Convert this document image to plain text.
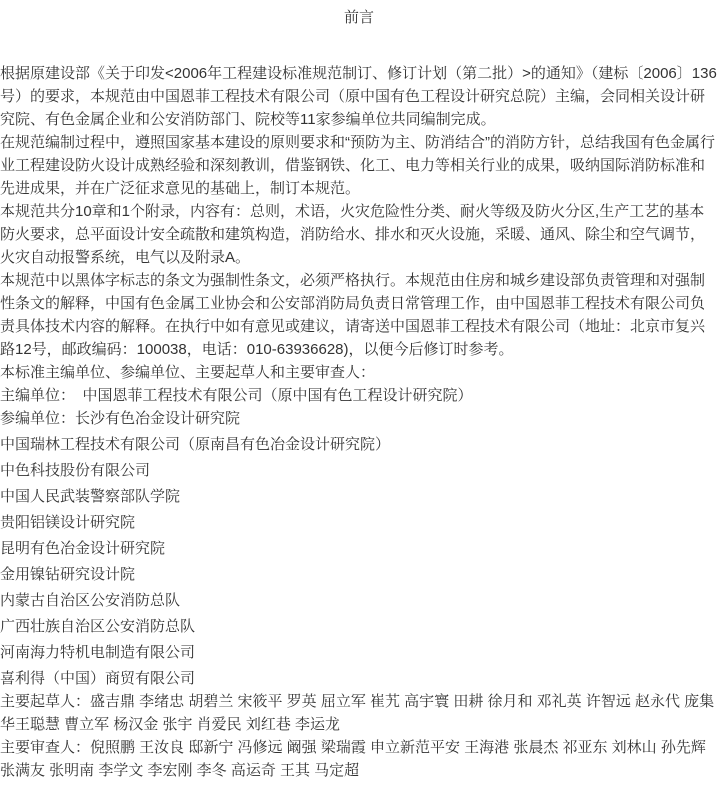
前言

根据原建设部《关于印发<2006年工程建设标准规范制订、修订计划（第二批）>的通知》（建标〔2006〕136号）的要求，本规范由中国恩菲工程技术有限公司（原中国有色工程设计研究总院）主编，会同相关设计研究院、有色金属企业和公安消防部门、院校等11家参编单位共同编制完成。

在规范编制过程中，遵照国家基本建设的原则要求和“预防为主、防消结合”的消防方针，总结我国有色金属行业工程建设防火设计成熟经验和深刻教训，借鉴钢铁、化工、电力等相关行业的成果，吸纳国际消防标准和先进成果，并在广泛征求意见的基础上，制订本规范。

本规范共分10章和1个附录，内容有：总则，术语，火灾危险性分类、耐火等级及防火分区,生产工艺的基本防火要求，总平面设计安全疏散和建筑构造，消防给水、排水和灭火设施，采暖、通风、除尘和空气调节，火灾自动报警系统，电气以及附录A。

本规范中以黑体字标志的条文为强制性条文，必须严格执行。本规范由住房和城乡建设部负责管理和对强制性条文的解释，中国有色金属工业协会和公安部消防局负责日常管理工作，由中国恩菲工程技术有限公司负责具体技术内容的解释。在执行中如有意见或建议，请寄送中国恩菲工程技术有限公司（地址：北京市复兴路12号，邮政编码：100038，电话：010-63936628)，以便今后修订时参考。

本标准主编单位、参编单位、主要起草人和主要审查人：

主编单位：　中国恩菲工程技术有限公司（原中国有色工程设计研究院）

参编单位：长沙有色冶金设计研究院

中国瑞林工程技术有限公司（原南昌有色冶金设计研究院）

中色科技股份有限公司

中国人民武装警察部队学院

贵阳铝镁设计研究院

昆明有色冶金设计研究院

金用镍钻研究设计院

内蒙古自治区公安消防总队

广西壮族自治区公安消防总队

河南海力特机电制造有限公司

喜利得（中国）商贸有限公司

主要起草人：盛吉鼎 李绪忠 胡碧兰 宋筱平 罗英 屈立军 崔艽 高宇寰 田耕 徐月和 邓礼英 许智远 赵永代 庞集华王聪慧 曹立军 杨汉金 张宇 肖爱民 刘红巷 李运龙

主要审查人：倪照鹏 王汝良 邸新宁 冯修远 阚强 梁瑞霞 申立新范平安 王海港 张晨杰 祁亚东 刘林山 孙先辉 张满友 张明南 李学文 李宏刚 李冬 高运奇 王其 马定超
